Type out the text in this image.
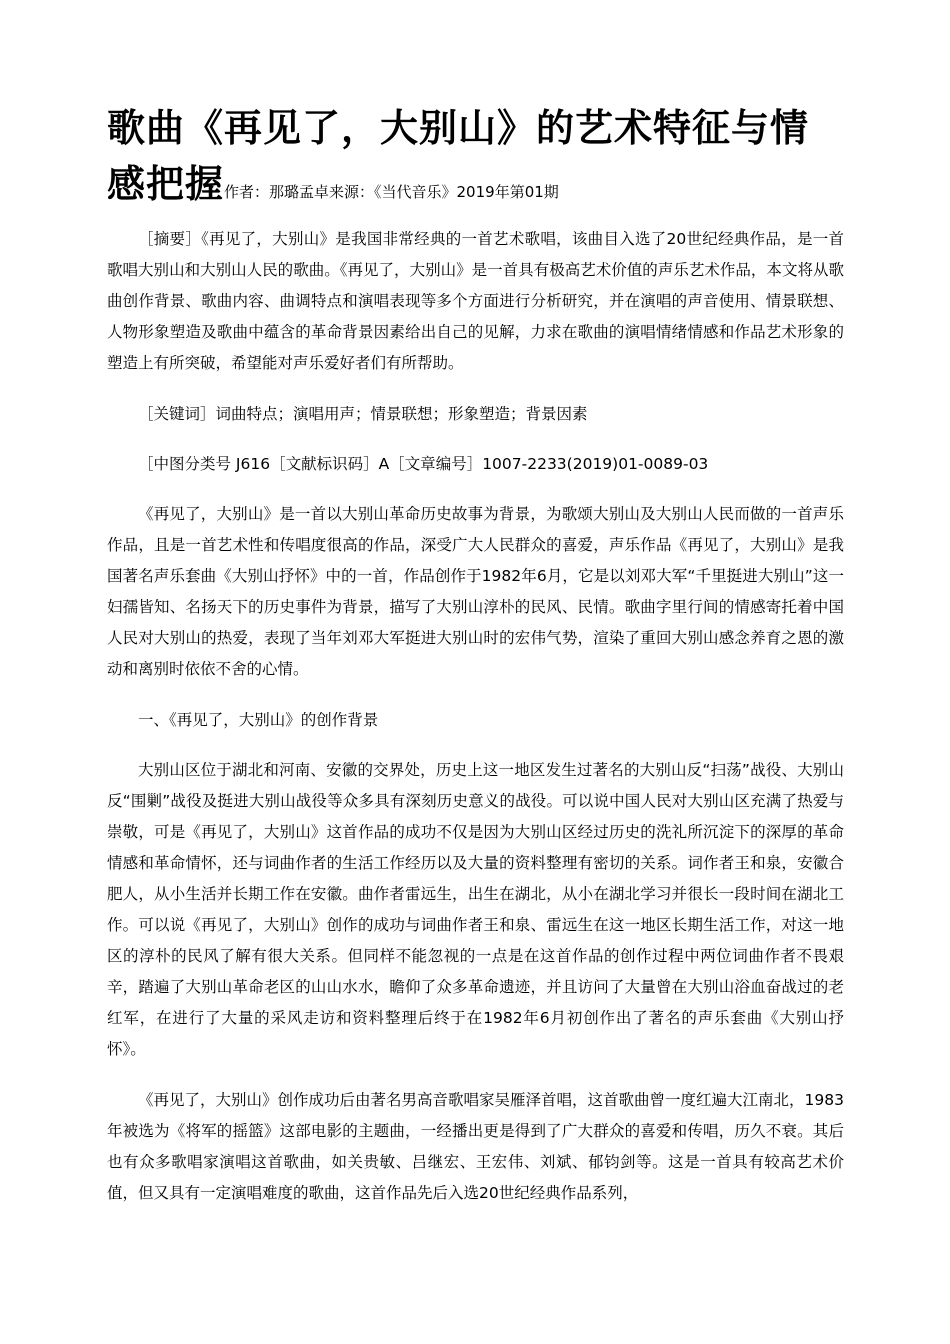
歌曲《再见了，大别山》的艺术特征与情感把握作者：那璐孟卓来源：《当代音乐》2019年第01期

［摘要］《再见了，大别山》是我国非常经典的一首艺术歌唱，该曲目入选了20世纪经典作品，是一首歌唱大别山和大别山人民的歌曲。《再见了，大别山》是一首具有极高艺术价值的声乐艺术作品，本文将从歌曲创作背景、歌曲内容、曲调特点和演唱表现等多个方面进行分析研究，并在演唱的声音使用、情景联想、人物形象塑造及歌曲中蕴含的革命背景因素给出自己的见解，力求在歌曲的演唱情绪情感和作品艺术形象的塑造上有所突破，希望能对声乐爱好者们有所帮助。

［关键词］词曲特点；演唱用声；情景联想；形象塑造；背景因素

［中图分类号 J616［文献标识码］A［文章编号］1007-2233(2019)01-0089-03

《再见了，大别山》是一首以大别山革命历史故事为背景，为歌颂大别山及大别山人民而做的一首声乐作品，且是一首艺术性和传唱度很高的作品，深受广大人民群众的喜爱，声乐作品《再见了，大别山》是我国著名声乐套曲《大别山抒怀》中的一首，作品创作于1982年6月，它是以刘邓大军“千里挺进大别山”这一妇孺皆知、名扬天下的历史事件为背景，描写了大别山淳朴的民风、民情。歌曲字里行间的情感寄托着中国人民对大别山的热爱，表现了当年刘邓大军挺进大别山时的宏伟气势，渲染了重回大别山感念养育之恩的激动和离别时依依不舍的心情。

一、《再见了，大别山》的创作背景

大别山区位于湖北和河南、安徽的交界处，历史上这一地区发生过著名的大别山反“扫荡”战役、大别山反“围剿”战役及挺进大别山战役等众多具有深刻历史意义的战役。可以说中国人民对大别山区充满了热爱与崇敬，可是《再见了，大别山》这首作品的成功不仅是因为大别山区经过历史的洗礼所沉淀下的深厚的革命情感和革命情怀，还与词曲作者的生活工作经历以及大量的资料整理有密切的关系。词作者王和泉，安徽合肥人，从小生活并长期工作在安徽。曲作者雷远生，出生在湖北，从小在湖北学习并很长一段时间在湖北工作。可以说《再见了，大别山》创作的成功与词曲作者王和泉、雷远生在这一地区长期生活工作，对这一地区的淳朴的民风了解有很大关系。但同样不能忽视的一点是在这首作品的创作过程中两位词曲作者不畏艰辛，踏遍了大别山革命老区的山山水水，瞻仰了众多革命遗迹，并且访问了大量曾在大别山浴血奋战过的老红军，在进行了大量的采风走访和资料整理后终于在1982年6月初创作出了著名的声乐套曲《大别山抒怀》。

《再见了，大别山》创作成功后由著名男高音歌唱家吴雁泽首唱，这首歌曲曾一度红遍大江南北，1983年被选为《将军的摇篮》这部电影的主题曲，一经播出更是得到了广大群众的喜爱和传唱，历久不衰。其后也有众多歌唱家演唱这首歌曲，如关贵敏、吕继宏、王宏伟、刘斌、郁钧剑等。这是一首具有较高艺术价值，但又具有一定演唱难度的歌曲，这首作品先后入选20世纪经典作品系列，
